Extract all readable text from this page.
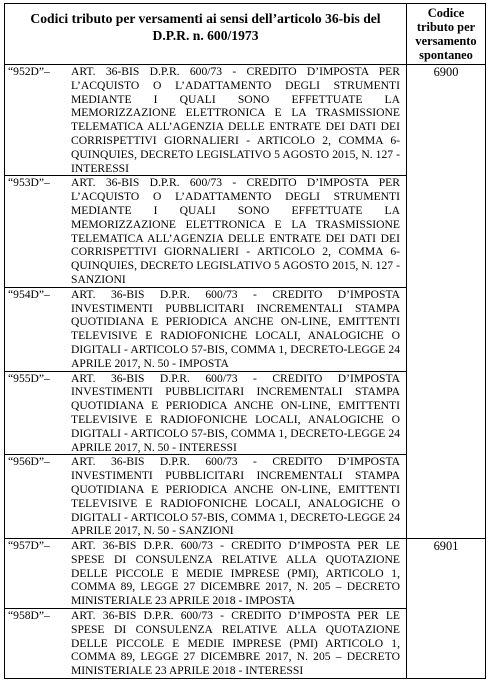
Codici tributo per versamenti ai sensi dell’articolo 36-bis del D.P.R. n. 600/1973	Codice tributo per versamento spontaneo

“952D”– ART. 36-BIS D.P.R. 600/73 - CREDITO D’IMPOSTA PER L’ACQUISTO O L’ADATTAMENTO DEGLI STRUMENTI MEDIANTE I QUALI SONO EFFETTUATE LA MEMORIZZAZIONE ELETTRONICA E LA TRASMISSIONE TELEMATICA ALL’AGENZIA DELLE ENTRATE DEI DATI DEI CORRISPETTIVI GIORNALIERI - ARTICOLO 2, COMMA 6-QUINQUIES, DECRETO LEGISLATIVO 5 AGOSTO 2015, N. 127 - INTERESSI	6900

“953D”– ART. 36-BIS D.P.R. 600/73 - CREDITO D’IMPOSTA PER L’ACQUISTO O L’ADATTAMENTO DEGLI STRUMENTI MEDIANTE I QUALI SONO EFFETTUATE LA MEMORIZZAZIONE ELETTRONICA E LA TRASMISSIONE TELEMATICA ALL’AGENZIA DELLE ENTRATE DEI DATI DEI CORRISPETTIVI GIORNALIERI - ARTICOLO 2, COMMA 6-QUINQUIES, DECRETO LEGISLATIVO 5 AGOSTO 2015, N. 127 - SANZIONI	

“954D”– ART. 36-BIS D.P.R. 600/73 - CREDITO D’IMPOSTA INVESTIMENTI PUBBLICITARI INCREMENTALI STAMPA QUOTIDIANA E PERIODICA ANCHE ON-LINE, EMITTENTI TELEVISIVE E RADIOFONICHE LOCALI, ANALOGICHE O DIGITALI - ARTICOLO 57-BIS, COMMA 1, DECRETO-LEGGE 24 APRILE 2017, N. 50 - IMPOSTA	

“955D”– ART. 36-BIS D.P.R. 600/73 - CREDITO D’IMPOSTA INVESTIMENTI PUBBLICITARI INCREMENTALI STAMPA QUOTIDIANA E PERIODICA ANCHE ON-LINE, EMITTENTI TELEVISIVE E RADIOFONICHE LOCALI, ANALOGICHE O DIGITALI - ARTICOLO 57-BIS, COMMA 1, DECRETO-LEGGE 24 APRILE 2017, N. 50 - INTERESSI	

“956D”– ART. 36-BIS D.P.R. 600/73 - CREDITO D’IMPOSTA INVESTIMENTI PUBBLICITARI INCREMENTALI STAMPA QUOTIDIANA E PERIODICA ANCHE ON-LINE, EMITTENTI TELEVISIVE E RADIOFONICHE LOCALI, ANALOGICHE O DIGITALI - ARTICOLO 57-BIS, COMMA 1, DECRETO-LEGGE 24 APRILE 2017, N. 50 - SANZIONI	

“957D”– ART. 36-BIS D.P.R. 600/73 - CREDITO D’IMPOSTA PER LE SPESE DI CONSULENZA RELATIVE ALLA QUOTAZIONE DELLE PICCOLE E MEDIE IMPRESE (PMI), ARTICOLO 1, COMMA 89, LEGGE 27 DICEMBRE 2017, N. 205 – DECRETO MINISTERIALE 23 APRILE 2018 - IMPOSTA	6901

“958D”– ART. 36-BIS D.P.R. 600/73 - CREDITO D’IMPOSTA PER LE SPESE DI CONSULENZA RELATIVE ALLA QUOTAZIONE DELLE PICCOLE E MEDIE IMPRESE (PMI) ARTICOLO 1, COMMA 89, LEGGE 27 DICEMBRE 2017, N. 205 – DECRETO MINISTERIALE 23 APRILE 2018 - INTERESSI	
